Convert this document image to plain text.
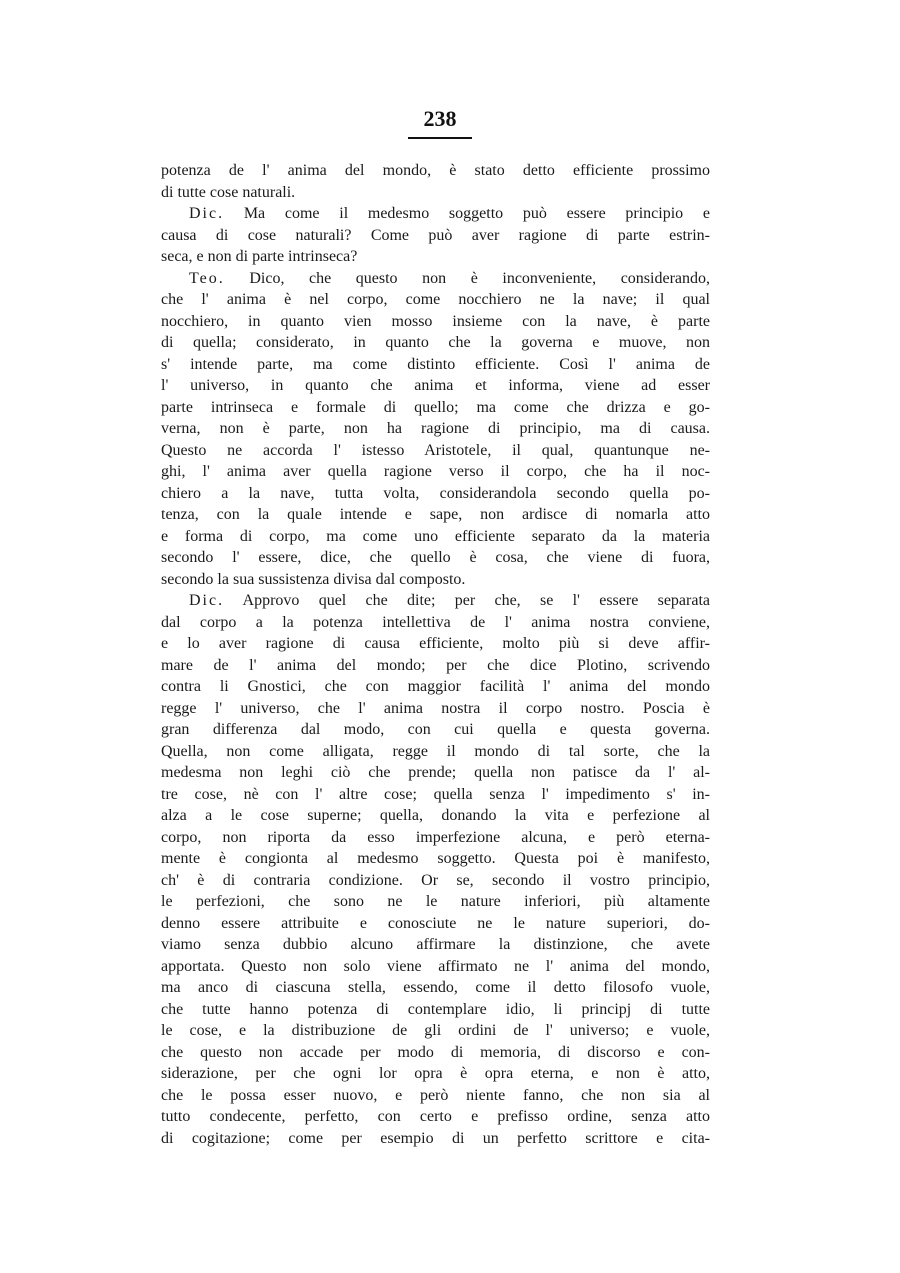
238
potenza de l' anima del mondo, è stato detto efficiente prossimo
di tutte cose naturali.
Dic. Ma come il medesmo soggetto può essere principio e
causa di cose naturali? Come può aver ragione di parte estrin-
seca, e non di parte intrinseca?
Teo. Dico, che questo non è inconveniente, considerando,
che l' anima è nel corpo, come nocchiero ne la nave; il qual
nocchiero, in quanto vien mosso insieme con la nave, è parte
di quella; considerato, in quanto che la governa e muove, non
s' intende parte, ma come distinto efficiente. Così l' anima de
l' universo, in quanto che anima et informa, viene ad esser
parte intrinseca e formale di quello; ma come che drizza e go-
verna, non è parte, non ha ragione di principio, ma di causa.
Questo ne accorda l' istesso Aristotele, il qual, quantunque ne-
ghi, l' anima aver quella ragione verso il corpo, che ha il noc-
chiero a la nave, tutta volta, considerandola secondo quella po-
tenza, con la quale intende e sape, non ardisce di nomarla atto
e forma di corpo, ma come uno efficiente separato da la materia
secondo l' essere, dice, che quello è cosa, che viene di fuora,
secondo la sua sussistenza divisa dal composto.
Dic. Approvo quel che dite; per che, se l' essere separata
dal corpo a la potenza intellettiva de l' anima nostra conviene,
e lo aver ragione di causa efficiente, molto più si deve affir-
mare de l' anima del mondo; per che dice Plotino, scrivendo
contra li Gnostici, che con maggior facilità l' anima del mondo
regge l' universo, che l' anima nostra il corpo nostro. Poscia è
gran differenza dal modo, con cui quella e questa governa.
Quella, non come alligata, regge il mondo di tal sorte, che la
medesma non leghi ciò che prende; quella non patisce da l' al-
tre cose, nè con l' altre cose; quella senza l' impedimento s' in-
alza a le cose superne; quella, donando la vita e perfezione al
corpo, non riporta da esso imperfezione alcuna, e però eterna-
mente è congionta al medesmo soggetto. Questa poi è manifesto,
ch' è di contraria condizione. Or se, secondo il vostro principio,
le perfezioni, che sono ne le nature inferiori, più altamente
denno essere attribuite e conosciute ne le nature superiori, do-
viamo senza dubbio alcuno affirmare la distinzione, che avete
apportata. Questo non solo viene affirmato ne l' anima del mondo,
ma anco di ciascuna stella, essendo, come il detto filosofo vuole,
che tutte hanno potenza di contemplare idio, li principj di tutte
le cose, e la distribuzione de gli ordini de l' universo; e vuole,
che questo non accade per modo di memoria, di discorso e con-
siderazione, per che ogni lor opra è opra eterna, e non è atto,
che le possa esser nuovo, e però niente fanno, che non sia al
tutto condecente, perfetto, con certo e prefisso ordine, senza atto
di cogitazione; come per esempio di un perfetto scrittore e cita-
